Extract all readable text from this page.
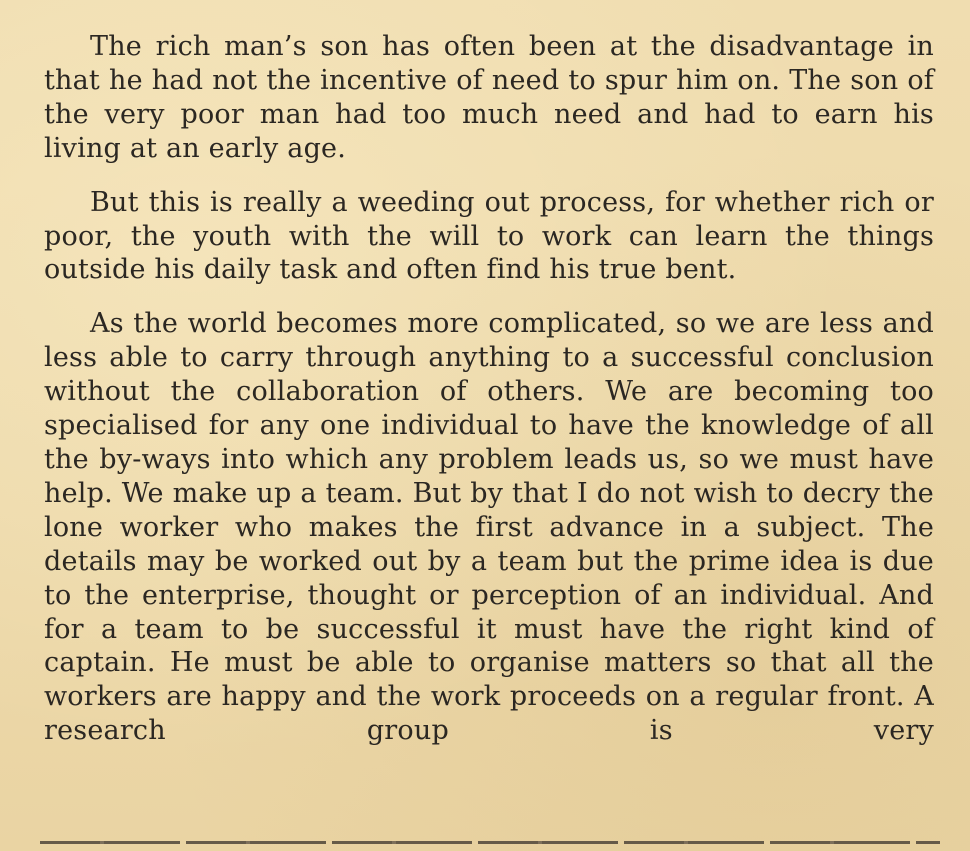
The rich man’s son has often been at the disadvantage in that he had not the incentive of need to spur him on. The son of the very poor man had too much need and had to earn his living at an early age.

But this is really a weeding out process, for whether rich or poor, the youth with the will to work can learn the things outside his daily task and often find his true bent.

As the world becomes more complicated, so we are less and less able to carry through anything to a successful conclusion without the collaboration of others. We are becoming too specialised for any one individual to have the knowledge of all the by-ways into which any problem leads us, so we must have help. We make up a team. But by that I do not wish to decry the lone worker who makes the first advance in a subject. The details may be worked out by a team but the prime idea is due to the enterprise, thought or perception of an individual. And for a team to be successful it must have the right kind of captain. He must be able to organise matters so that all the workers are happy and the work proceeds on a regular front. A research group is very
